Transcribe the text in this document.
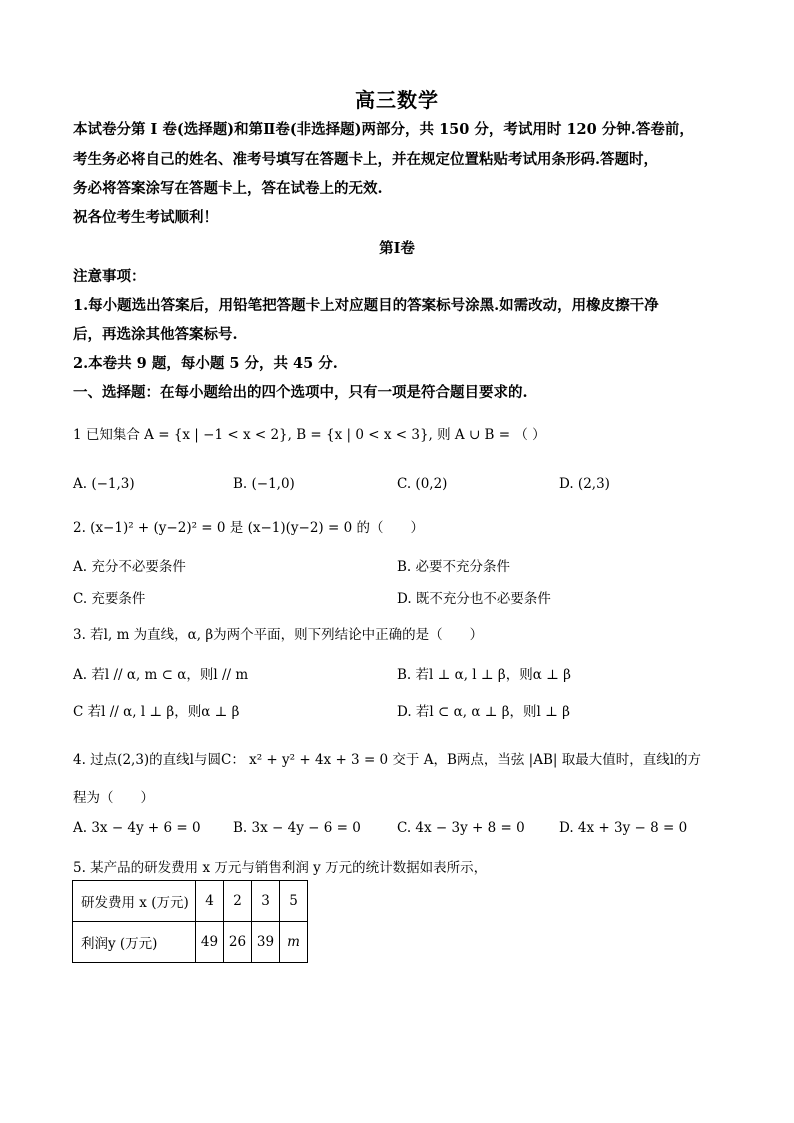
高三数学
本试卷分第 Ⅰ 卷(选择题)和第Ⅱ卷(非选择题)两部分，共 150 分，考试用时 120 分钟.答卷前，
考生务必将自己的姓名、准考号填写在答题卡上，并在规定位置粘贴考试用条形码.答题时，
务必将答案涂写在答题卡上，答在试卷上的无效.
祝各位考生考试顺利！
第Ⅰ卷
注意事项：
1.每小题选出答案后，用铅笔把答题卡上对应题目的答案标号涂黑.如需改动，用橡皮擦干净
后，再选涂其他答案标号.
2.本卷共 9 题，每小题 5 分，共 45 分.
一、选择题：在每小题给出的四个选项中，只有一项是符合题目要求的.
1 已知集合 A = {x | −1 < x < 2}, B = {x | 0 < x < 3}, 则 A ∪ B = （ ）
A. (−1,3)	B. (−1,0)	C. (0,2)	D. (2,3)
2. (x−1)² + (y−2)² = 0 是 (x−1)(y−2) = 0 的（　　）
A. 充分不必要条件	B. 必要不充分条件
C. 充要条件	D. 既不充分也不必要条件
3. 若l, m 为直线，α, β为两个平面，则下列结论中正确的是（　　）
A. 若l // α, m ⊂ α，则l // m	B. 若l ⊥ α, l ⊥ β，则α ⊥ β
C 若l // α, l ⊥ β，则α ⊥ β	D. 若l ⊂ α, α ⊥ β，则l ⊥ β
4. 过点(2,3)的直线l与圆C： x² + y² + 4x + 3 = 0 交于 A，B两点，当弦 |AB| 取最大值时，直线l的方
程为（　　）
A. 3x − 4y + 6 = 0 B. 3x − 4y − 6 = 0	C. 4x − 3y + 8 = 0	D. 4x + 3y − 8 = 0
5. 某产品的研发费用 x 万元与销售利润 y 万元的统计数据如表所示，
研发费用 x (万元)	4	2	3	5
利润y (万元)	49	26	39	m
